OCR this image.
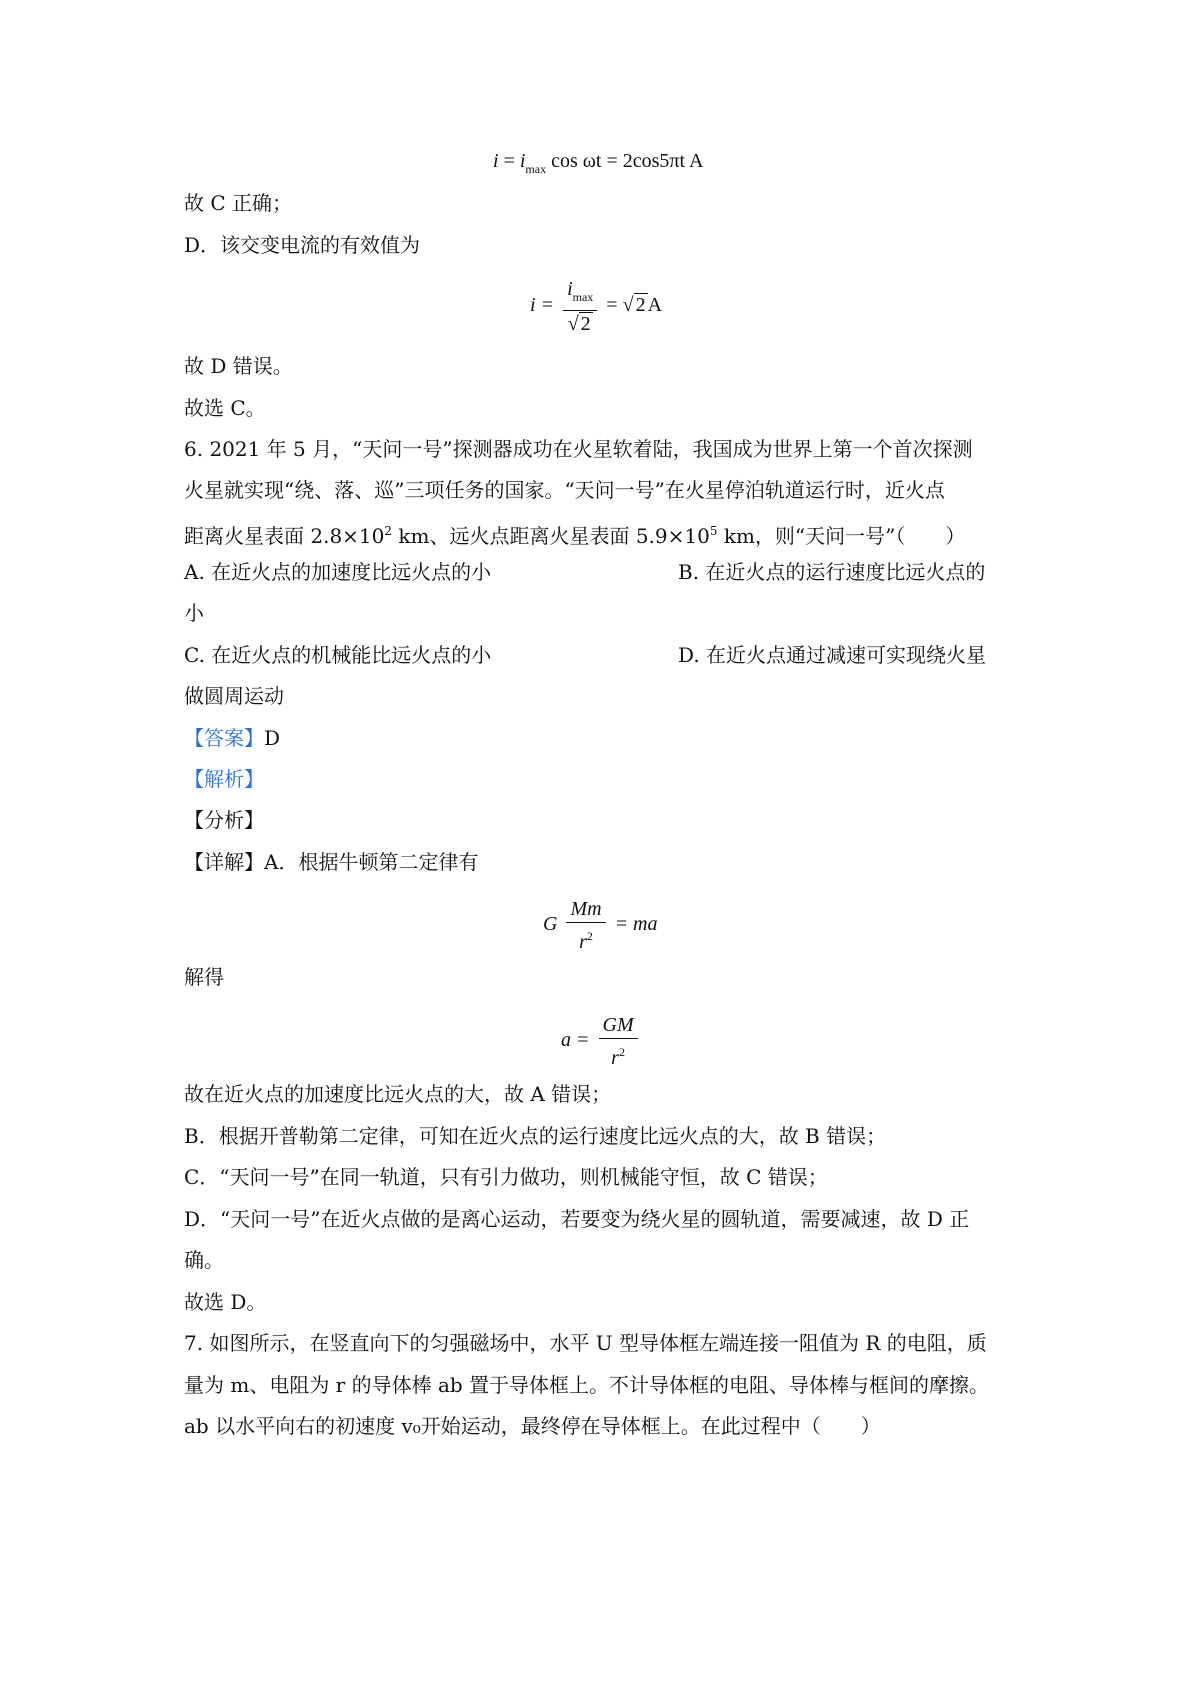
$i = i_{max}$ cos ωt = 2cos5πt A
故 C 正确；
D．该交变电流的有效值为
$i = \frac{i_{max}}{√ 2}$ = √ 2 A
故 D 错误。
故选 C。
6. 2021 年 5 月，“天问一号”探测器成功在火星软着陆，我国成为世界上第一个首次探测
火星就实现“绕、落、巡”三项任务的国家。“天问一号”在火星停泊轨道运行时，近火点
距离火星表面 $2.8\times 10^2$ km、远火点距离火星表面 $5.9\times 10^5$ km，则“天问一号”（　　）
A. 在近火点的加速度比远火点的小	B. 在近火点的运行速度比远火点的
小
C. 在近火点的机械能比远火点的小	D. 在近火点通过减速可实现绕火星
做圆周运动
【答案】D
【解析】
【分析】
【详解】A．根据牛顿第二定律有
G $\frac{Mm}{r^2}$ = ma
解得
$a = \frac{GM}{r^2}$
故在近火点的加速度比远火点的大，故 A 错误；
B．根据开普勒第二定律，可知在近火点的运行速度比远火点的大，故 B 错误；
C．“天问一号”在同一轨道，只有引力做功，则机械能守恒，故 C 错误；
D．“天问一号”在近火点做的是离心运动，若要变为绕火星的圆轨道，需要减速，故 D 正
确。
故选 D。
7. 如图所示，在竖直向下的匀强磁场中，水平 U 型导体框左端连接一阻值为 R 的电阻，质
量为 m、电阻为 r 的导体棒 ab 置于导体框上。不计导体框的电阻、导体棒与框间的摩擦。
ab 以水平向右的初速度 v₀开始运动，最终停在导体框上。在此过程中（　　）
